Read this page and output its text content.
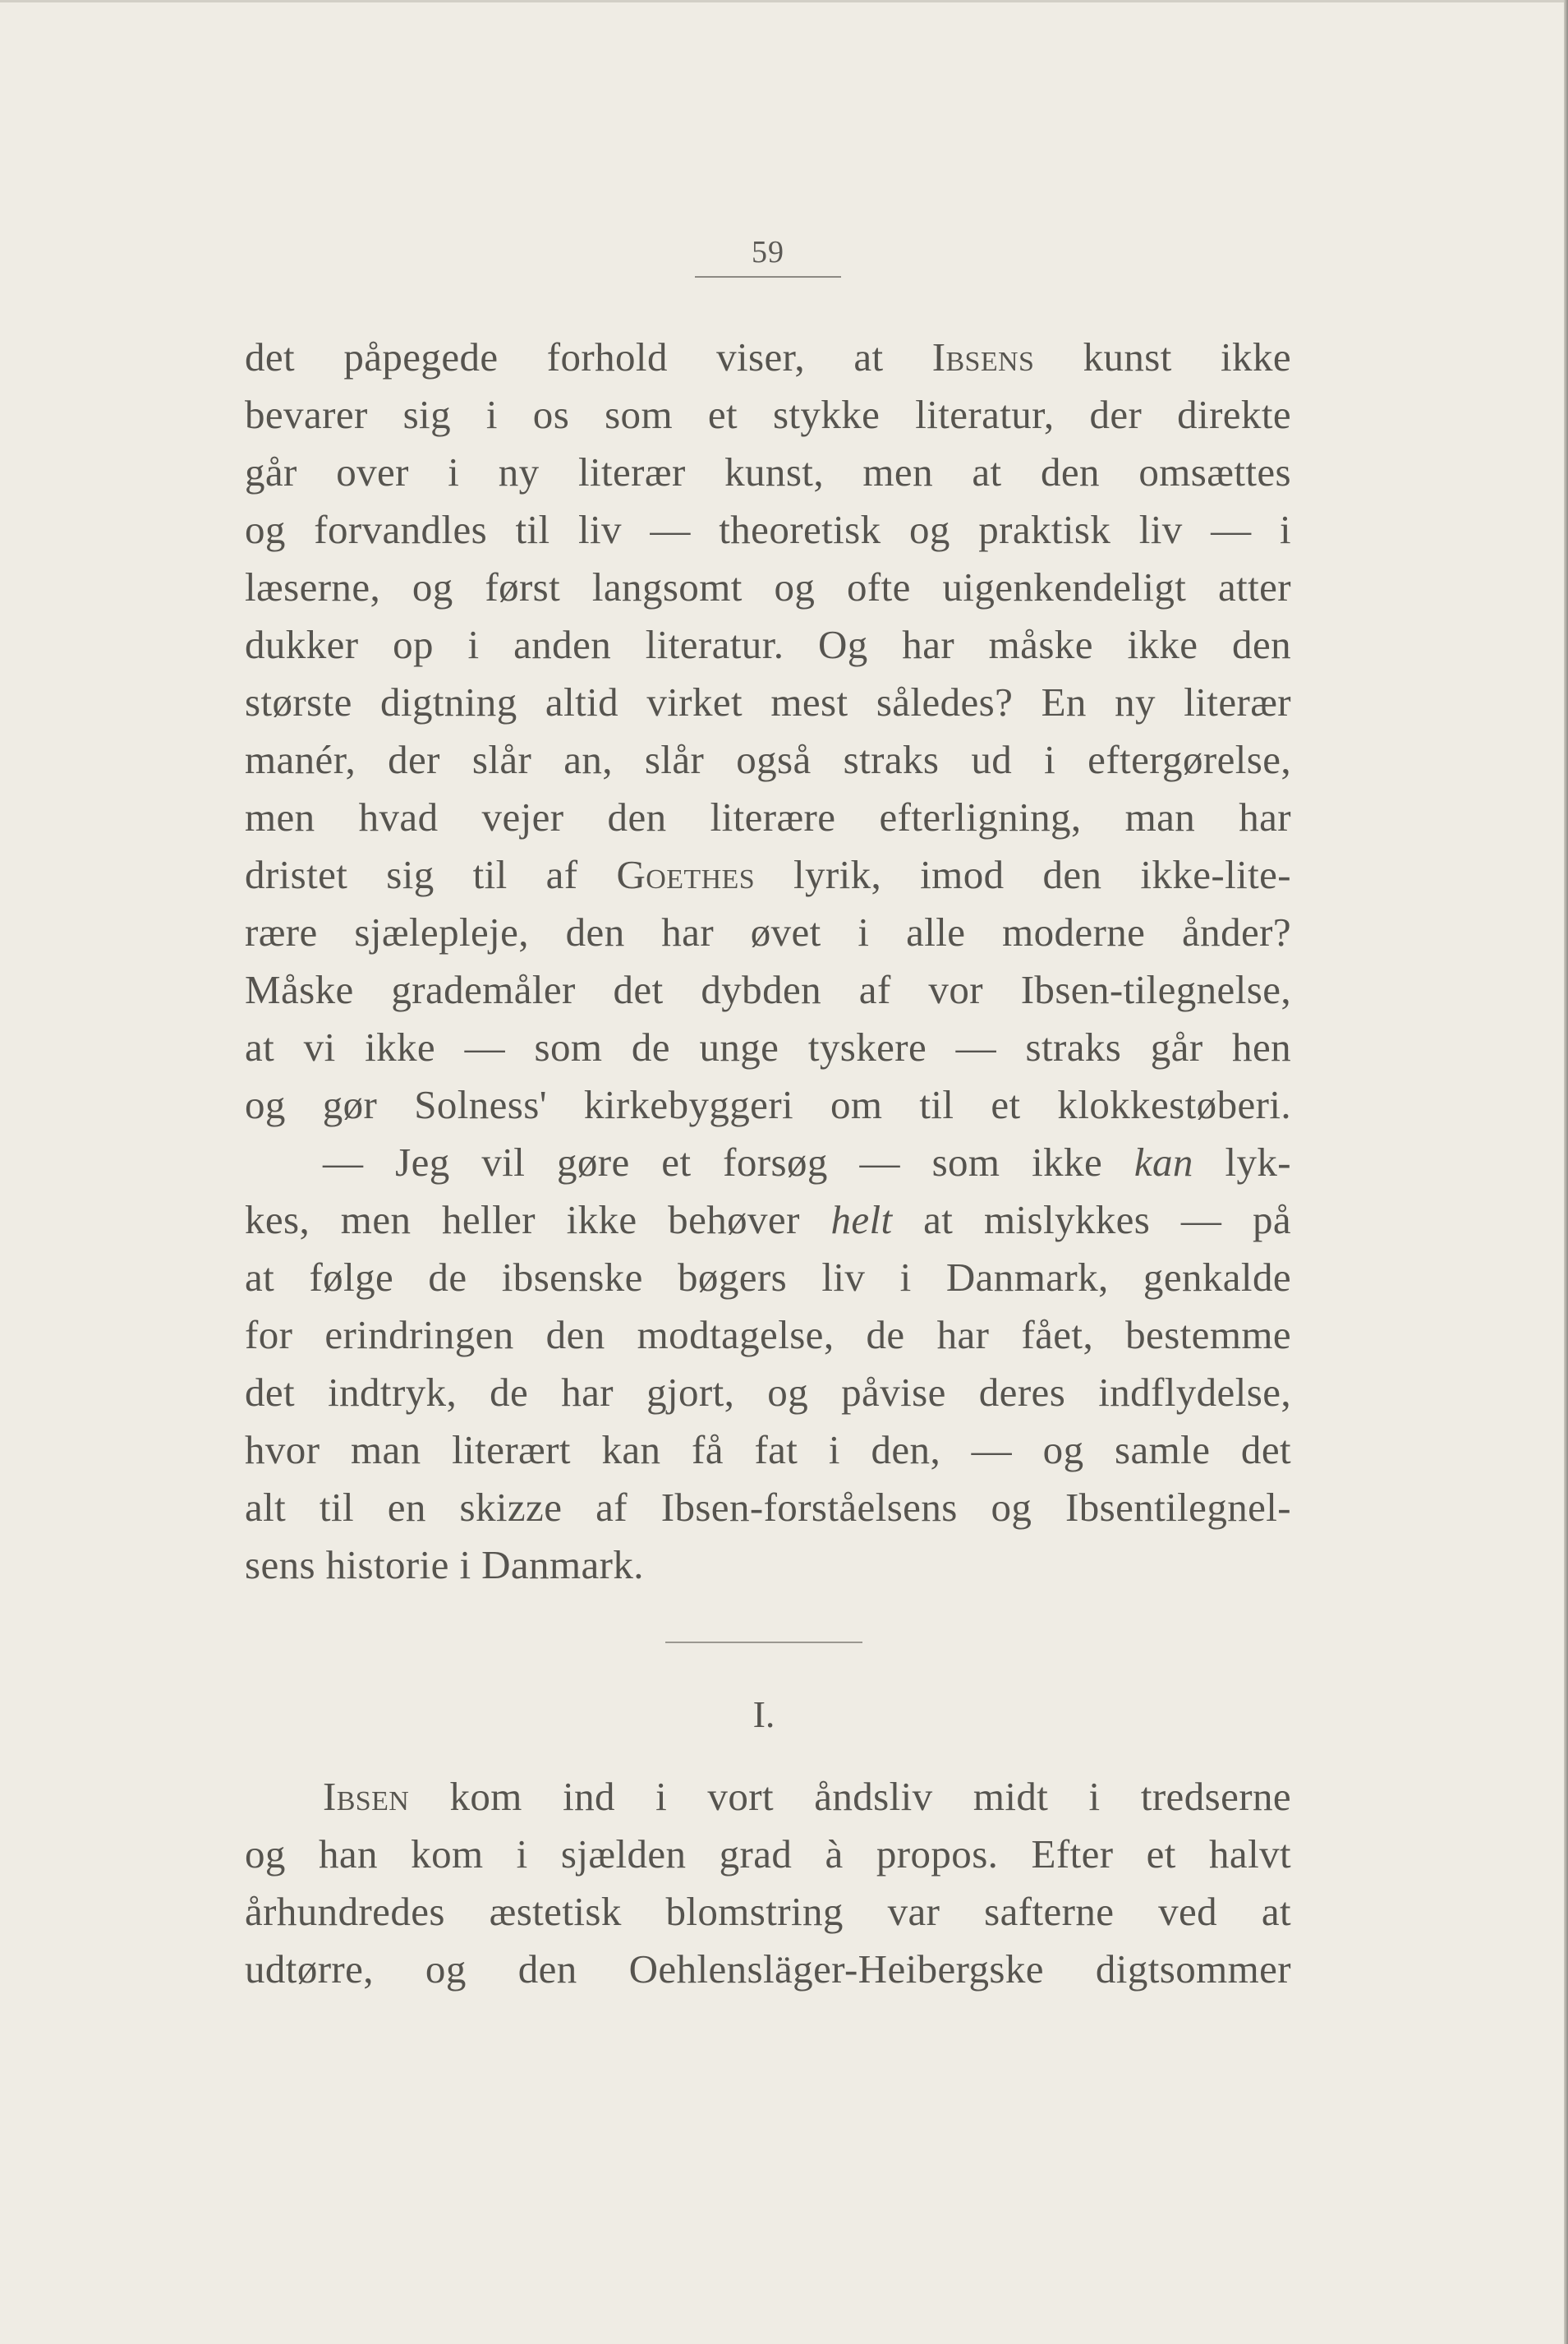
59
det påpegede forhold viser, at Ibsens kunst ikke
bevarer sig i os som et stykke literatur, der direkte
går over i ny literær kunst, men at den omsættes
og forvandles til liv — theoretisk og praktisk liv — i
læserne, og først langsomt og ofte uigenkendeligt atter
dukker op i anden literatur. Og har måske ikke den
største digtning altid virket mest således? En ny literær
manér, der slår an, slår også straks ud i eftergørelse,
men hvad vejer den literære efterligning, man har
dristet sig til af Goethes lyrik, imod den ikke-lite-
rære sjælepleje, den har øvet i alle moderne ånder?
Måske grademåler det dybden af vor Ibsen-tilegnelse,
at vi ikke — som de unge tyskere — straks går hen
og gør Solness' kirkebyggeri om til et klokkestøberi.
— Jeg vil gøre et forsøg — som ikke kan lyk-
kes, men heller ikke behøver helt at mislykkes — på
at følge de ibsenske bøgers liv i Danmark, genkalde
for erindringen den modtagelse, de har fået, bestemme
det indtryk, de har gjort, og påvise deres indflydelse,
hvor man literært kan få fat i den, — og samle det
alt til en skizze af Ibsen-forståelsens og Ibsentilegnel-
sens historie i Danmark.
I.
Ibsen kom ind i vort åndsliv midt i tredserne
og han kom i sjælden grad à propos. Efter et halvt
århundredes æstetisk blomstring var safterne ved at
udtørre, og den Oehlensläger-Heibergske digtsommer
